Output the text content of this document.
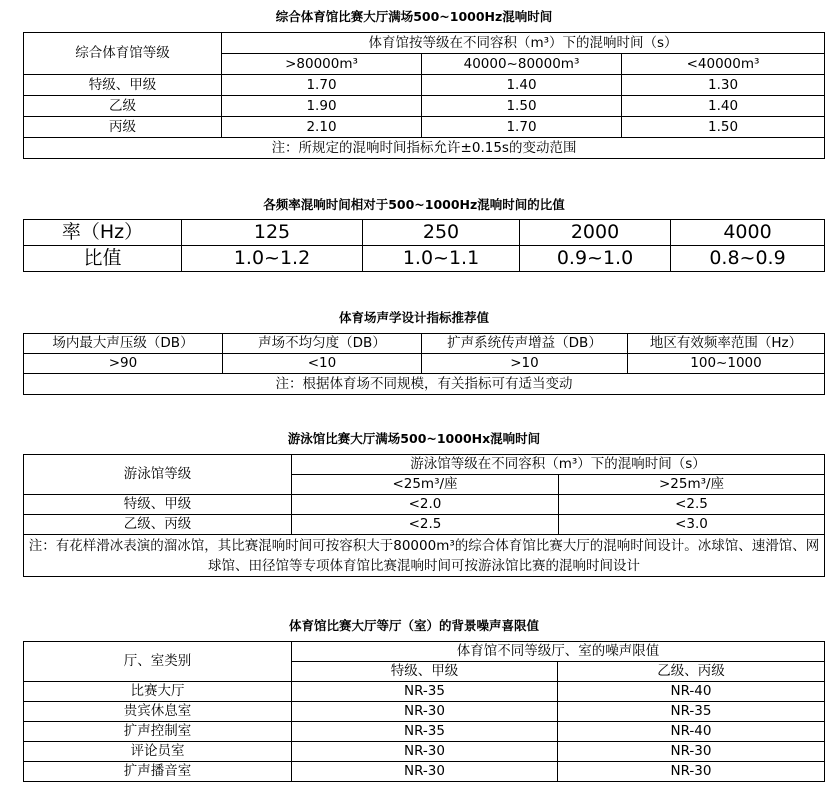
综合体育馆比赛大厅满场500~1000Hz混响时间
综合体育馆等级	体育馆按等级在不同容积（m³）下的混响时间（s）		
	>80000m³	40000~80000m³	<40000m³
特级、甲级	1.70	1.40	1.30
乙级	1.90	1.50	1.40
丙级	2.10	1.70	1.50
注：所规定的混响时间指标允许±0.15s的变动范围			
各频率混响时间相对于500~1000Hz混响时间的比值
率（Hz）	125	250	2000	4000
比值	1.0~1.2	1.0~1.1	0.9~1.0	0.8~0.9
体育场声学设计指标推荐值
场内最大声压级（DB）	声场不均匀度（DB）	扩声系统传声增益（DB）	地区有效频率范围（Hz）
>90	<10	>10	100~1000
注：根据体育场不同规模，有关指标可有适当变动			
游泳馆比赛大厅满场500~1000Hx混响时间
游泳馆等级	游泳馆等级在不同容积（m³）下的混响时间（s）	
	<25m³/座	>25m³/座
特级、甲级	<2.0	<2.5
乙级、丙级	<2.5	<3.0
注：有花样滑冰表演的溜冰馆，其比赛混响时间可按容积大于80000m³的综合体育馆比赛大厅的混响时间设计。冰球馆、速滑馆、网球馆、田径馆等专项体育馆比赛混响时间可按游泳馆比赛的混响时间设计		
体育馆比赛大厅等厅（室）的背景噪声喜限值
厅、室类别	体育馆不同等级厅、室的噪声限值	
	特级、甲级	乙级、丙级
比赛大厅	NR-35	NR-40
贵宾休息室	NR-30	NR-35
扩声控制室	NR-35	NR-40
评论员室	NR-30	NR-30
扩声播音室	NR-30	NR-30
